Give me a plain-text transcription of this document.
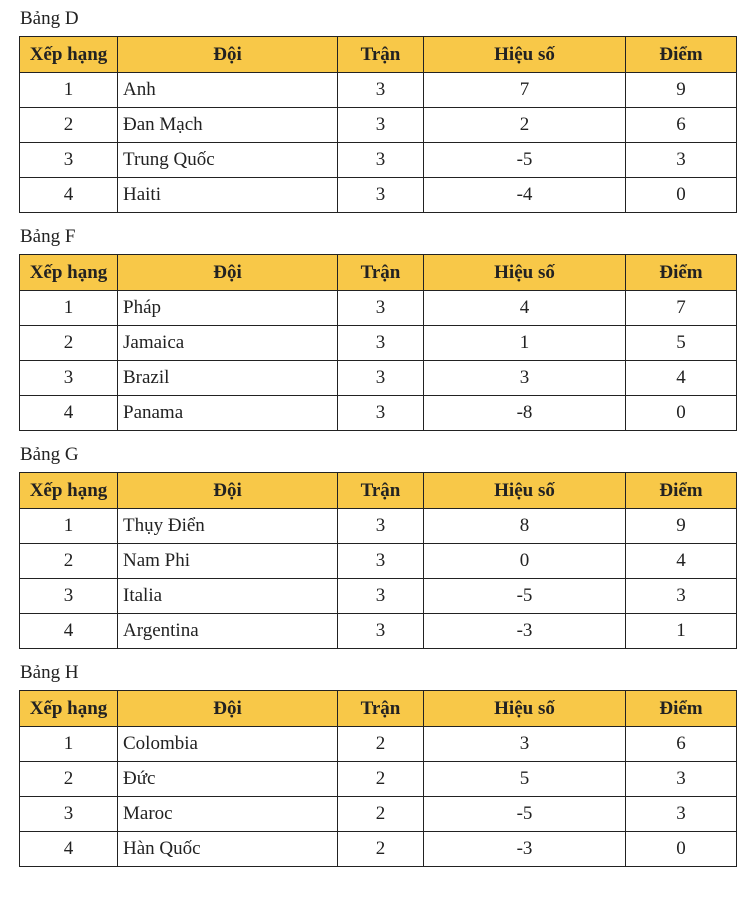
Bảng D
Xếp hạng	Đội	Trận	Hiệu số	Điểm
1	Anh	3	7	9
2	Đan Mạch	3	2	6
3	Trung Quốc	3	-5	3
4	Haiti	3	-4	0
Bảng F
Xếp hạng	Đội	Trận	Hiệu số	Điểm
1	Pháp	3	4	7
2	Jamaica	3	1	5
3	Brazil	3	3	4
4	Panama	3	-8	0
Bảng G
Xếp hạng	Đội	Trận	Hiệu số	Điểm
1	Thụy Điển	3	8	9
2	Nam Phi	3	0	4
3	Italia	3	-5	3
4	Argentina	3	-3	1
Bảng H
Xếp hạng	Đội	Trận	Hiệu số	Điểm
1	Colombia	2	3	6
2	Đức	2	5	3
3	Maroc	2	-5	3
4	Hàn Quốc	2	-3	0
